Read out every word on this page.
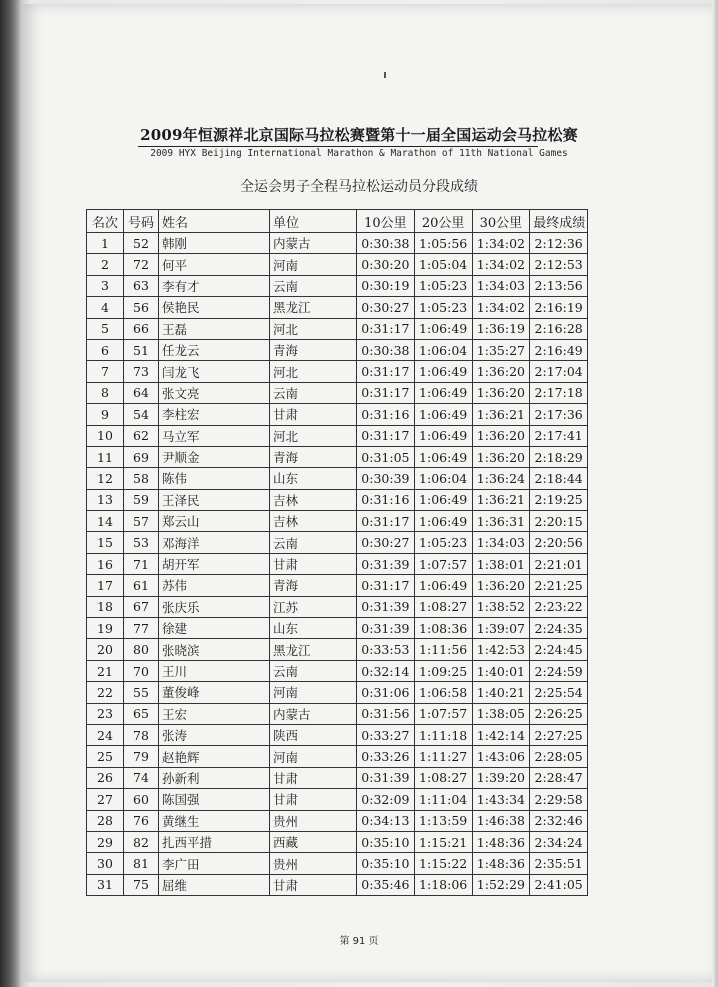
2009年恒源祥北京国际马拉松赛暨第十一届全国运动会马拉松赛
2009 HYX Beijing International Marathon & Marathon of 11th National Games
全运会男子全程马拉松运动员分段成绩
名次	号码	姓名	单位	10公里	20公里	30公里	最终成绩
1	52	韩刚	内蒙古	0:30:38	1:05:56	1:34:02	2:12:36
2	72	何平	河南	0:30:20	1:05:04	1:34:02	2:12:53
3	63	李有才	云南	0:30:19	1:05:23	1:34:03	2:13:56
4	56	侯艳民	黑龙江	0:30:27	1:05:23	1:34:02	2:16:19
5	66	王磊	河北	0:31:17	1:06:49	1:36:19	2:16:28
6	51	任龙云	青海	0:30:38	1:06:04	1:35:27	2:16:49
7	73	闫龙飞	河北	0:31:17	1:06:49	1:36:20	2:17:04
8	64	张文亮	云南	0:31:17	1:06:49	1:36:20	2:17:18
9	54	李柱宏	甘肃	0:31:16	1:06:49	1:36:21	2:17:36
10	62	马立军	河北	0:31:17	1:06:49	1:36:20	2:17:41
11	69	尹顺金	青海	0:31:05	1:06:49	1:36:20	2:18:29
12	58	陈伟	山东	0:30:39	1:06:04	1:36:24	2:18:44
13	59	王泽民	吉林	0:31:16	1:06:49	1:36:21	2:19:25
14	57	郑云山	吉林	0:31:17	1:06:49	1:36:31	2:20:15
15	53	邓海洋	云南	0:30:27	1:05:23	1:34:03	2:20:56
16	71	胡开军	甘肃	0:31:39	1:07:57	1:38:01	2:21:01
17	61	苏伟	青海	0:31:17	1:06:49	1:36:20	2:21:25
18	67	张庆乐	江苏	0:31:39	1:08:27	1:38:52	2:23:22
19	77	徐建	山东	0:31:39	1:08:36	1:39:07	2:24:35
20	80	张晓滨	黑龙江	0:33:53	1:11:56	1:42:53	2:24:45
21	70	王川	云南	0:32:14	1:09:25	1:40:01	2:24:59
22	55	董俊峰	河南	0:31:06	1:06:58	1:40:21	2:25:54
23	65	王宏	内蒙古	0:31:56	1:07:57	1:38:05	2:26:25
24	78	张涛	陕西	0:33:27	1:11:18	1:42:14	2:27:25
25	79	赵艳辉	河南	0:33:26	1:11:27	1:43:06	2:28:05
26	74	孙新利	甘肃	0:31:39	1:08:27	1:39:20	2:28:47
27	60	陈国强	甘肃	0:32:09	1:11:04	1:43:34	2:29:58
28	76	黄继生	贵州	0:34:13	1:13:59	1:46:38	2:32:46
29	82	扎西平措	西藏	0:35:10	1:15:21	1:48:36	2:34:24
30	81	李广田	贵州	0:35:10	1:15:22	1:48:36	2:35:51
31	75	屈维	甘肃	0:35:46	1:18:06	1:52:29	2:41:05
第 91 页
